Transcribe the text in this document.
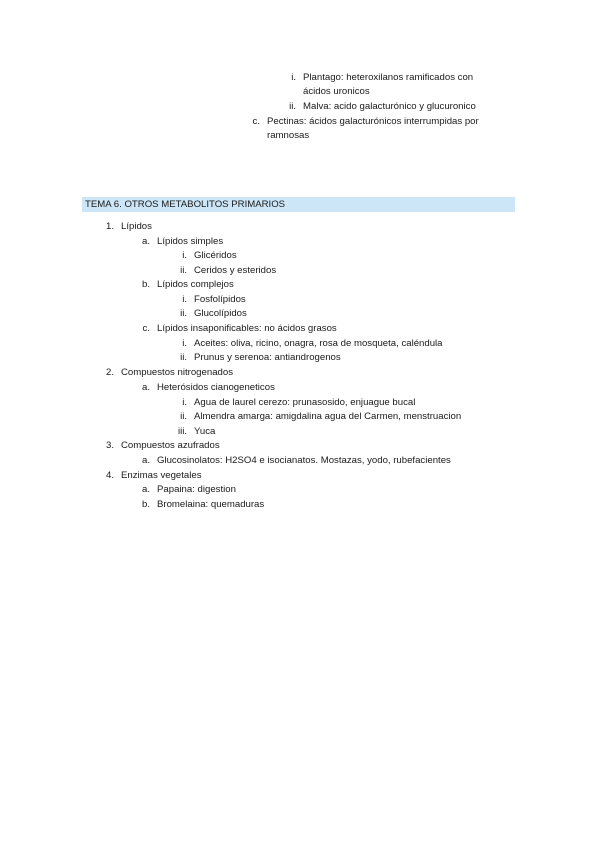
i. Plantago: heteroxilanos ramificados con
ácidos uronicos
ii. Malva: acido galacturónico y glucuronico
c. Pectinas: ácidos galacturónicos interrumpidas por
ramnosas
TEMA 6. OTROS METABOLITOS PRIMARIOS
1. Lípidos
a. Lípidos simples
i. Glicéridos
ii. Ceridos y esteridos
b. Lípidos complejos
i. Fosfolípidos
ii. Glucolípidos
c. Lípidos insaponificables: no ácidos grasos
i. Aceites: oliva, ricino, onagra, rosa de mosqueta, caléndula
ii. Prunus y serenoa: antiandrogenos
2. Compuestos nitrogenados
a. Heterósidos cianogeneticos
i. Agua de laurel cerezo: prunasosido, enjuague bucal
ii. Almendra amarga: amigdalina agua del Carmen, menstruacion
iii. Yuca
3. Compuestos azufrados
a. Glucosinolatos: H2SO4 e isocianatos. Mostazas, yodo, rubefacientes
4. Enzimas vegetales
a. Papaina: digestion
b. Bromelaina: quemaduras
